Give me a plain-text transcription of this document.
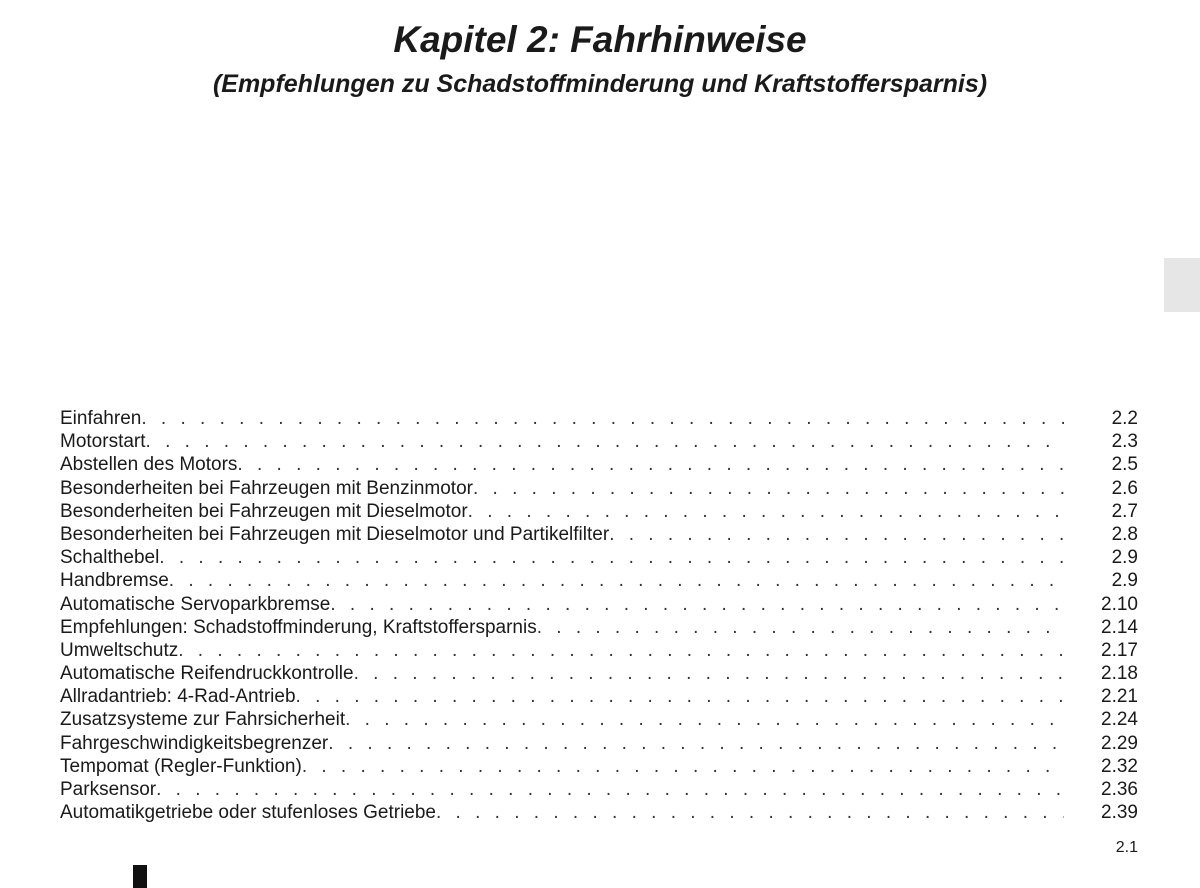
Kapitel 2: Fahrhinweise
(Empfehlungen zu Schadstoffminderung und Kraftstoffersparnis)
Einfahren . . .	2.2
Motorstart . . .	2.3
Abstellen des Motors . . .	2.5
Besonderheiten bei Fahrzeugen mit Benzinmotor . . .	2.6
Besonderheiten bei Fahrzeugen mit Dieselmotor . . .	2.7
Besonderheiten bei Fahrzeugen mit Dieselmotor und Partikelfilter . . .	2.8
Schalthebel . . .	2.9
Handbremse . . .	2.9
Automatische Servoparkbremse . . .	2.10
Empfehlungen: Schadstoffminderung, Kraftstoffersparnis . . .	2.14
Umweltschutz . . .	2.17
Automatische Reifendruckkontrolle . . .	2.18
Allradantrieb: 4-Rad-Antrieb . . .	2.21
Zusatzsysteme zur Fahrsicherheit . . .	2.24
Fahrgeschwindigkeitsbegrenzer . . .	2.29
Tempomat (Regler-Funktion) . . .	2.32
Parksensor . . .	2.36
Automatikgetriebe oder stufenloses Getriebe . . .	2.39
2.1
